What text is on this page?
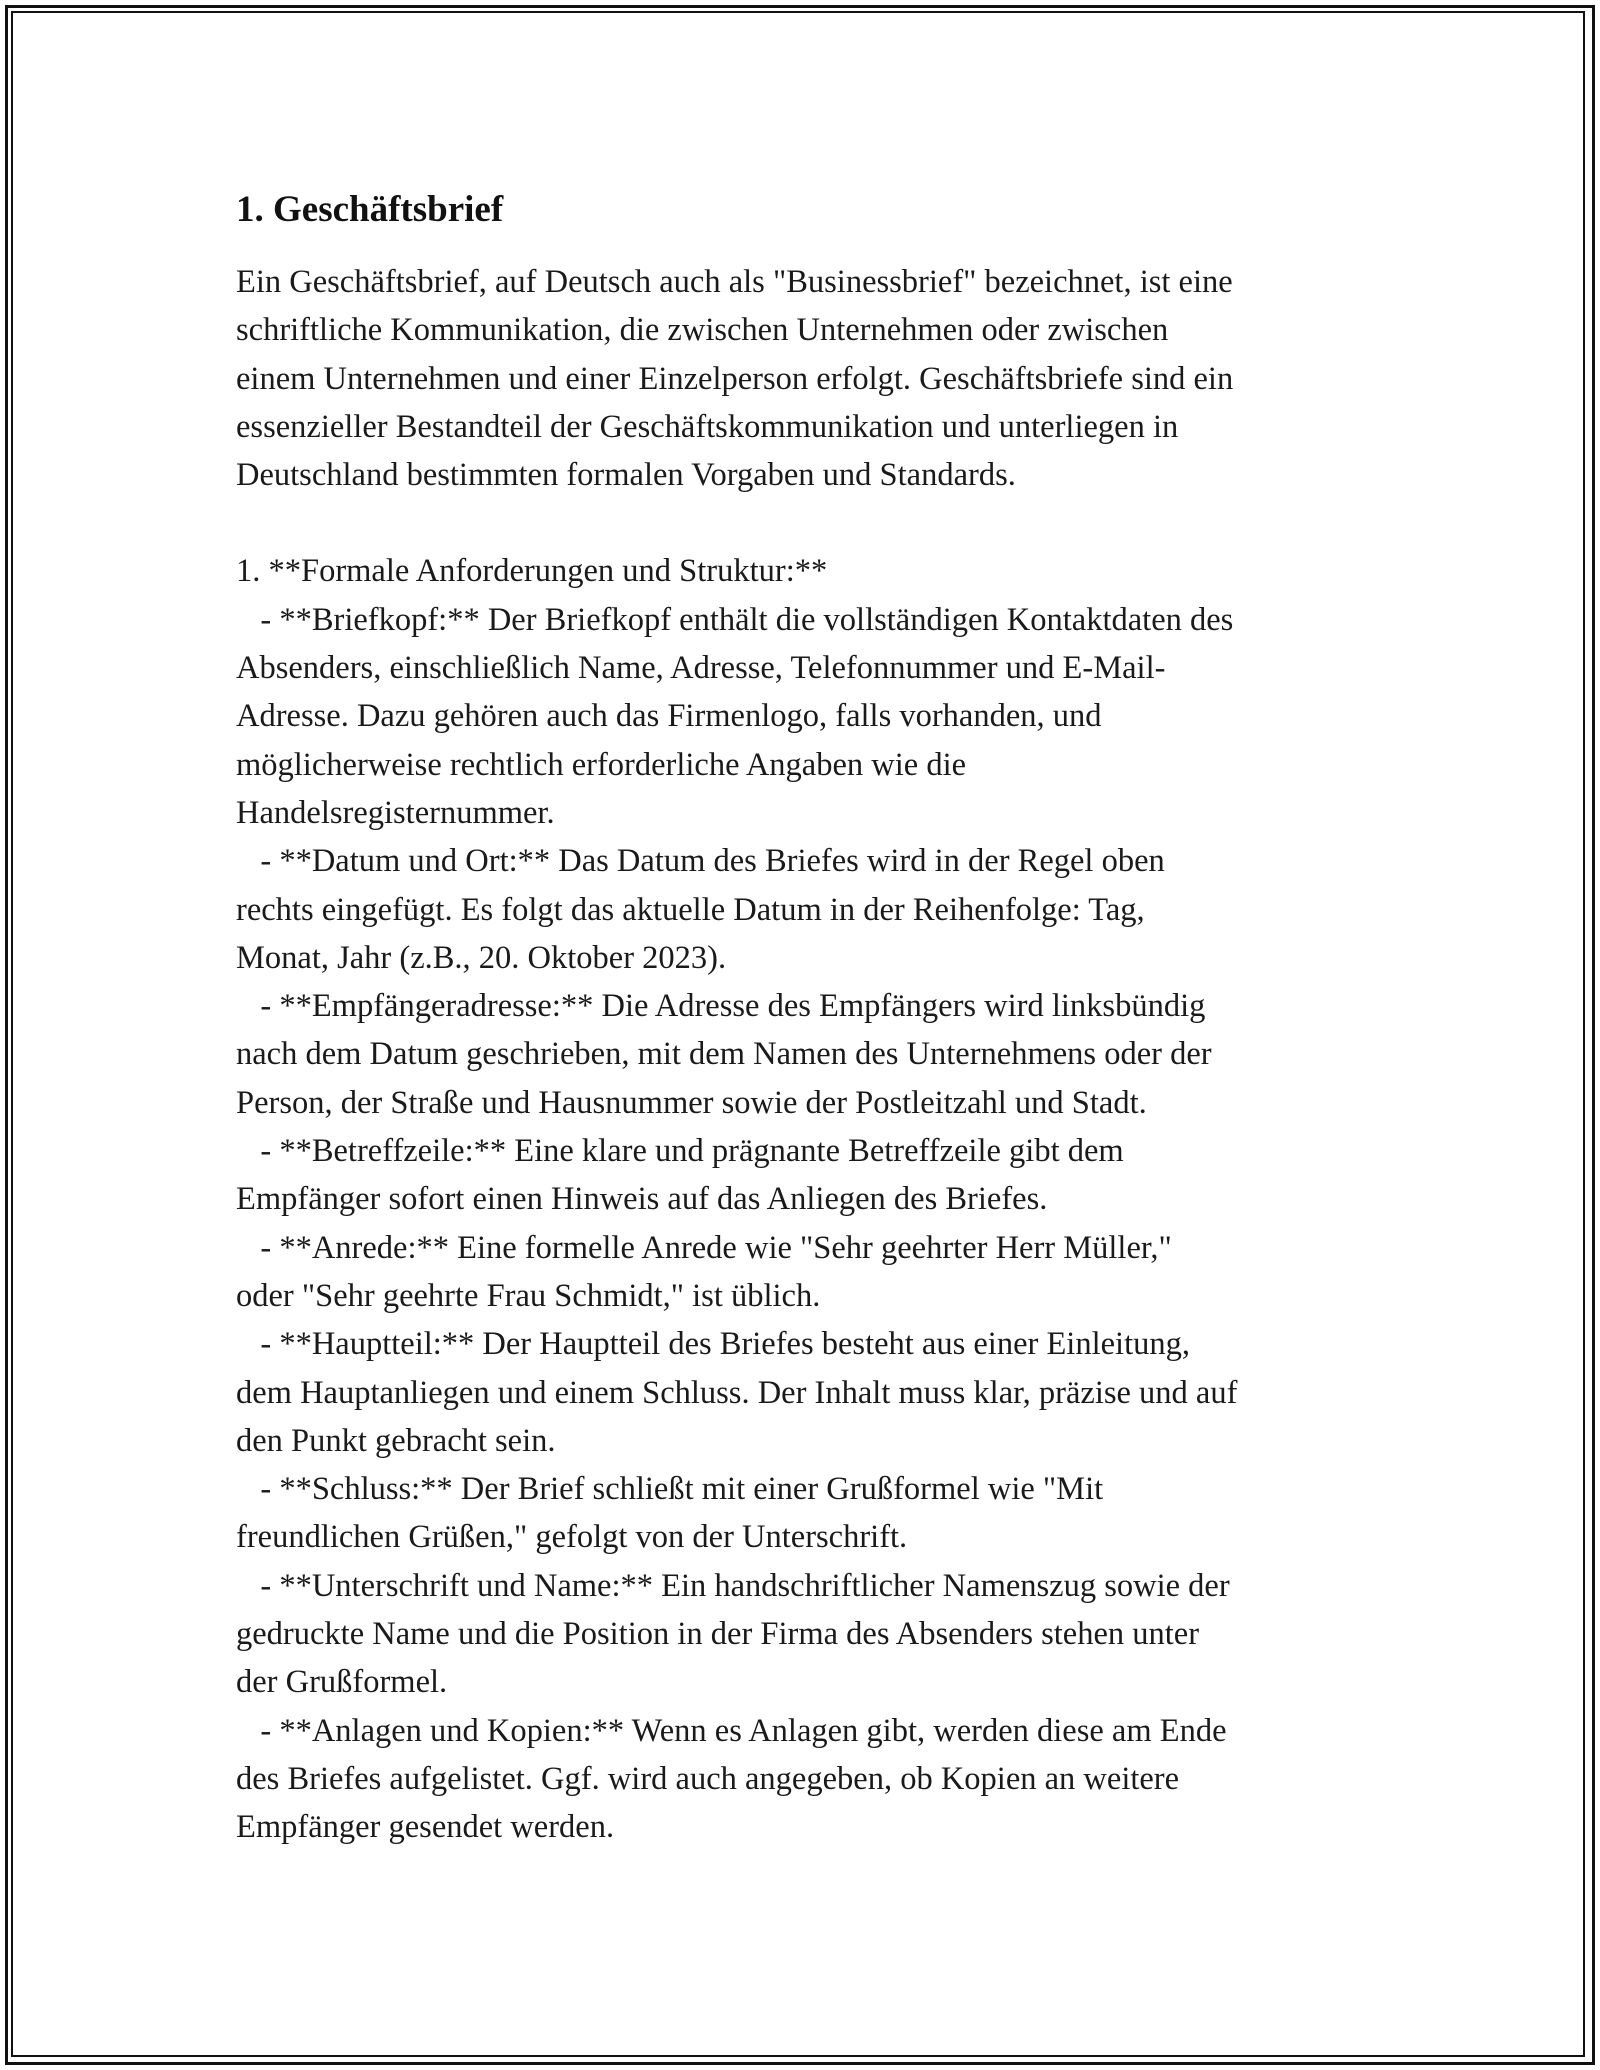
1. Geschäftsbrief
Ein Geschäftsbrief, auf Deutsch auch als "Businessbrief" bezeichnet, ist eine
schriftliche Kommunikation, die zwischen Unternehmen oder zwischen
einem Unternehmen und einer Einzelperson erfolgt. Geschäftsbriefe sind ein
essenzieller Bestandteil der Geschäftskommunikation und unterliegen in
Deutschland bestimmten formalen Vorgaben und Standards.
1. **Formale Anforderungen und Struktur:**
- **Briefkopf:** Der Briefkopf enthält die vollständigen Kontaktdaten des
Absenders, einschließlich Name, Adresse, Telefonnummer und E-Mail-
Adresse. Dazu gehören auch das Firmenlogo, falls vorhanden, und
möglicherweise rechtlich erforderliche Angaben wie die
Handelsregisternummer.
- **Datum und Ort:** Das Datum des Briefes wird in der Regel oben
rechts eingefügt. Es folgt das aktuelle Datum in der Reihenfolge: Tag,
Monat, Jahr (z.B., 20. Oktober 2023).
- **Empfängeradresse:** Die Adresse des Empfängers wird linksbündig
nach dem Datum geschrieben, mit dem Namen des Unternehmens oder der
Person, der Straße und Hausnummer sowie der Postleitzahl und Stadt.
- **Betreffzeile:** Eine klare und prägnante Betreffzeile gibt dem
Empfänger sofort einen Hinweis auf das Anliegen des Briefes.
- **Anrede:** Eine formelle Anrede wie "Sehr geehrter Herr Müller,"
oder "Sehr geehrte Frau Schmidt," ist üblich.
- **Hauptteil:** Der Hauptteil des Briefes besteht aus einer Einleitung,
dem Hauptanliegen und einem Schluss. Der Inhalt muss klar, präzise und auf
den Punkt gebracht sein.
- **Schluss:** Der Brief schließt mit einer Grußformel wie "Mit
freundlichen Grüßen," gefolgt von der Unterschrift.
- **Unterschrift und Name:** Ein handschriftlicher Namenszug sowie der
gedruckte Name und die Position in der Firma des Absenders stehen unter
der Grußformel.
- **Anlagen und Kopien:** Wenn es Anlagen gibt, werden diese am Ende
des Briefes aufgelistet. Ggf. wird auch angegeben, ob Kopien an weitere
Empfänger gesendet werden.
